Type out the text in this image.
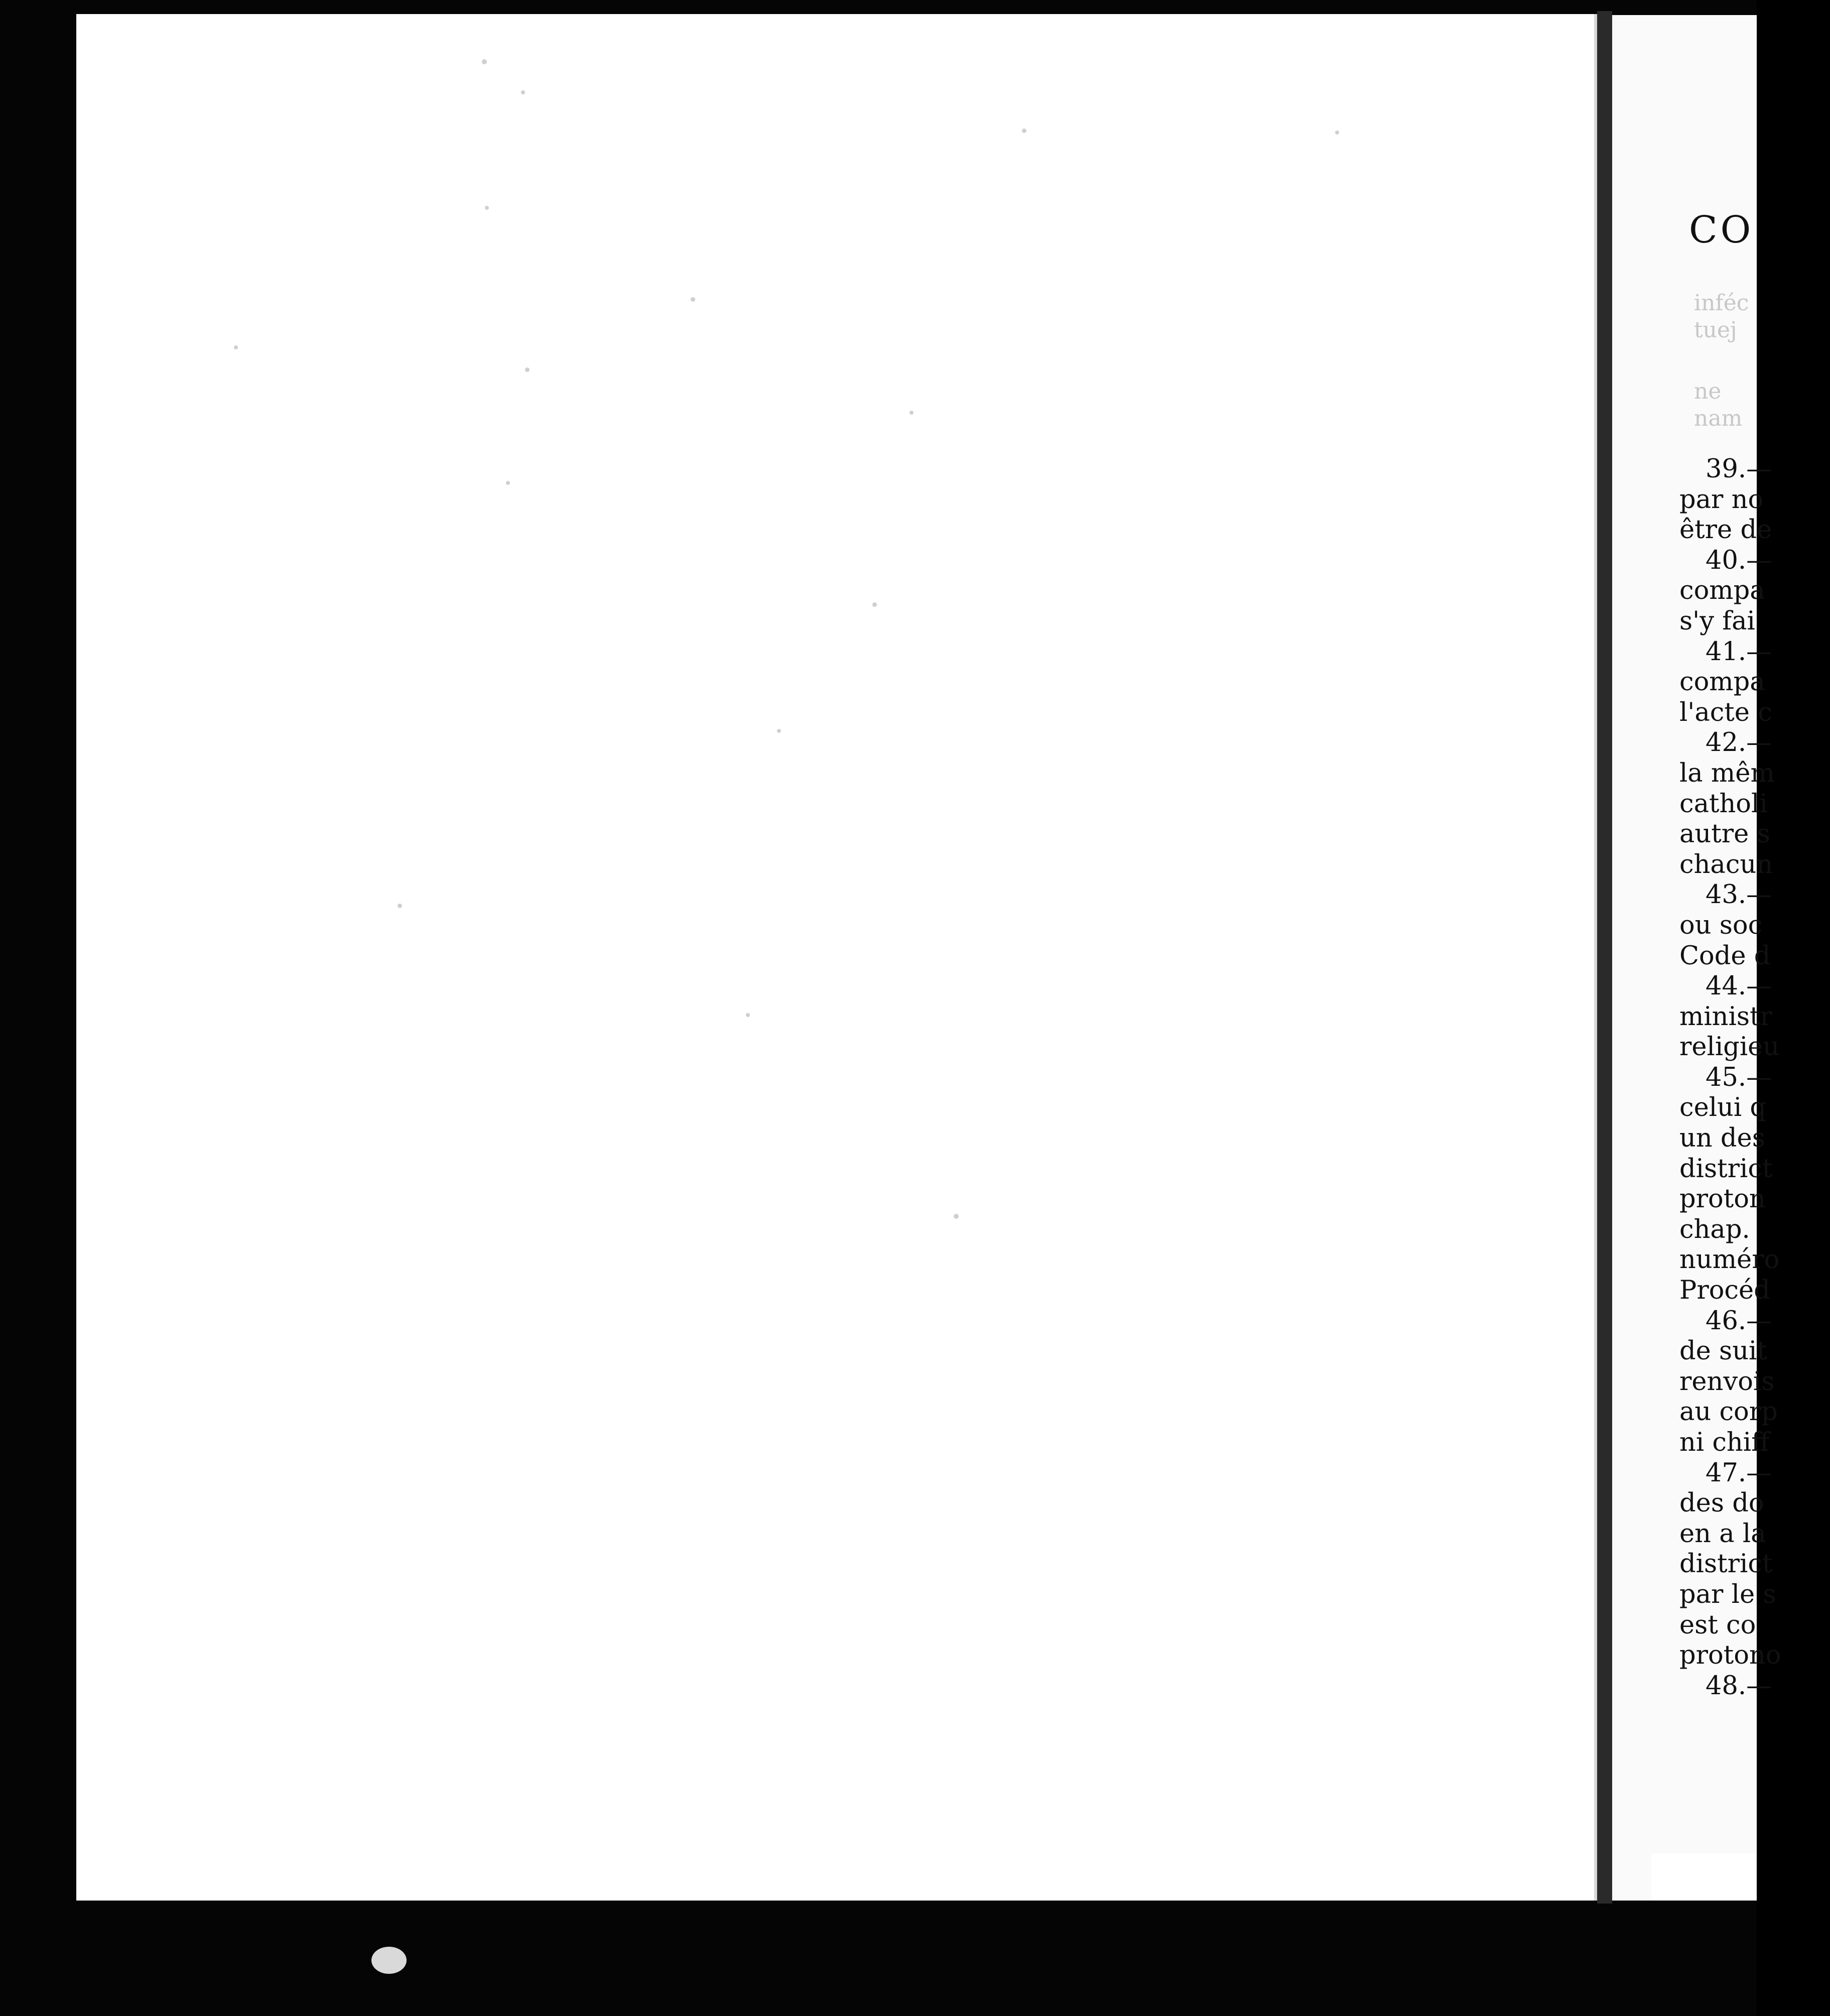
CO
inféc
tuej
ne
nam
39.—
par no
être de
40.—
compa
s'y fai
41.—
compa
l'acte c
42.—
la mêm
catholi
autre s
chacun
43.—
ou soc
Code d
44.—
ministr
religieu
45.—
celui q
un des
district
proton
chap.
numéro
Procéd
46.—
de suit
renvois
au corp
ni chiff
47.—
des do
en a la
district
par le s
est co
protono
48.—
